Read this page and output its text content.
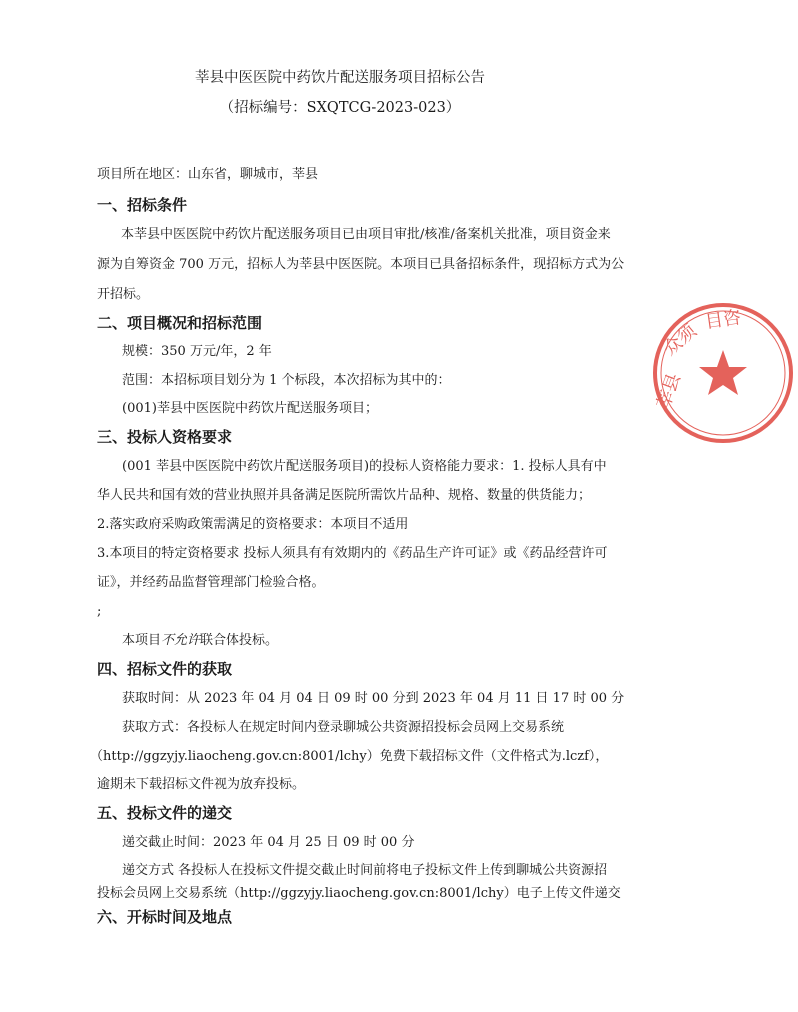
莘县中医医院中药饮片配送服务项目招标公告
（招标编号：SXQTCG-2023-023）
项目所在地区：山东省，聊城市，莘县
一、招标条件
本莘县中医医院中药饮片配送服务项目已由项目审批/核准/备案机关批准，项目资金来
源为自筹资金 700 万元，招标人为莘县中医医院。本项目已具备招标条件，现招标方式为公
开招标。
二、项目概况和招标范围
规模：350 万元/年，2 年
范围：本招标项目划分为 1 个标段，本次招标为其中的：
(001)莘县中医医院中药饮片配送服务项目；
三、投标人资格要求
(001 莘县中医医院中药饮片配送服务项目)的投标人资格能力要求：1. 投标人具有中
华人民共和国有效的营业执照并具备满足医院所需饮片品种、规格、数量的供货能力；
2.落实政府采购政策需满足的资格要求：本项目不适用
3.本项目的特定资格要求 投标人须具有有效期内的《药品生产许可证》或《药品经营许可
证》，并经药品监督管理部门检验合格。
;
本项目不允许联合体投标。
四、招标文件的获取
获取时间：从 2023 年 04 月 04 日 09 时 00 分到 2023 年 04 月 11 日 17 时 00 分
获取方式：各投标人在规定时间内登录聊城公共资源招投标会员网上交易系统
（http://ggzyjy.liaocheng.gov.cn:8001/lchy）免费下载招标文件（文件格式为.lczf），
逾期未下载招标文件视为放弃投标。
五、投标文件的递交
递交截止时间：2023 年 04 月 25 日 09 时 00 分
递交方式 各投标人在投标文件提交截止时间前将电子投标文件上传到聊城公共资源招
投标会员网上交易系统（http://ggzyjy.liaocheng.gov.cn:8001/lchy）电子上传文件递交
六、开标时间及地点
莘县
众须
目咨
